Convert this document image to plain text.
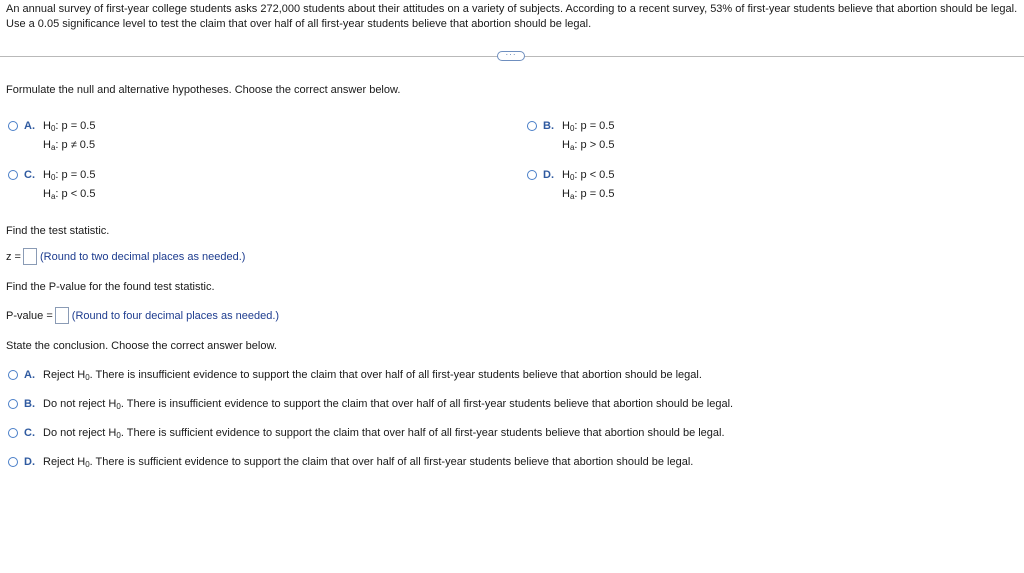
An annual survey of first-year college students asks 272,000 students about their attitudes on a variety of subjects. According to a recent survey, 53% of first-year students believe that abortion should be legal. Use a 0.05 significance level to test the claim that over half of all first-year students believe that abortion should be legal.
···
Formulate the null and alternative hypotheses. Choose the correct answer below.
A. $H_0$: p = 0.5
$H_a$: p ≠ 0.5
B. $H_0$: p = 0.5
$H_a$: p > 0.5
C. $H_0$: p = 0.5
$H_a$: p < 0.5
D. $H_0$: p < 0.5
$H_a$: p = 0.5
Find the test statistic.
z = (Round to two decimal places as needed.)
Find the P-value for the found test statistic.
P-value = (Round to four decimal places as needed.)
State the conclusion. Choose the correct answer below.
A. Reject $H_0$. There is insufficient evidence to support the claim that over half of all first-year students believe that abortion should be legal.
B. Do not reject $H_0$. There is insufficient evidence to support the claim that over half of all first-year students believe that abortion should be legal.
C. Do not reject $H_0$. There is sufficient evidence to support the claim that over half of all first-year students believe that abortion should be legal.
D. Reject $H_0$. There is sufficient evidence to support the claim that over half of all first-year students believe that abortion should be legal.
